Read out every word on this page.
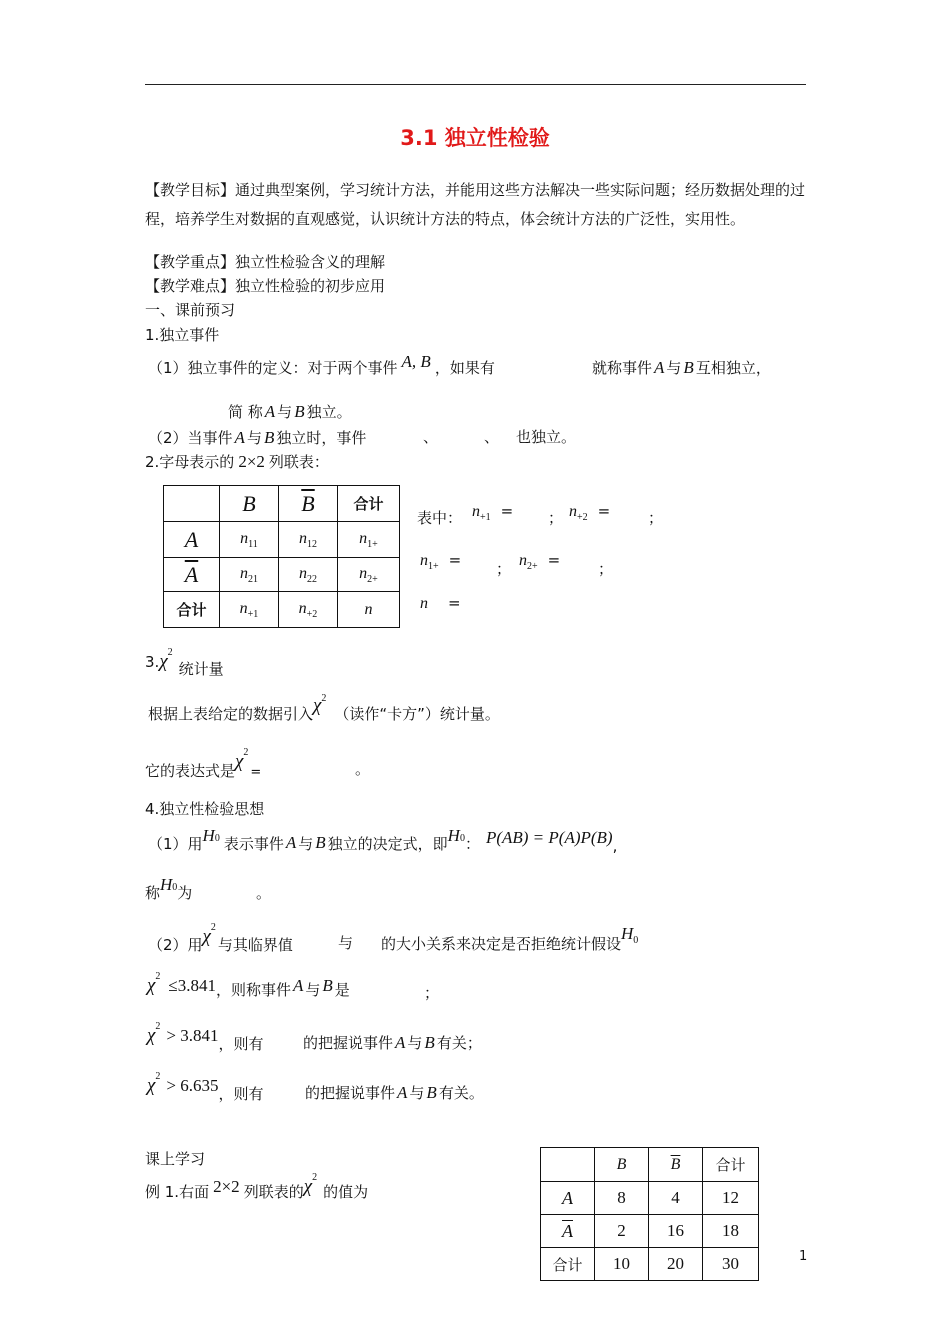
3.1 独立性检验
【教学目标】通过典型案例，学习统计方法，并能用这些方法解决一些实际问题；经历数据处理的过程，培养学生对数据的直观感觉，认识统计方法的特点，体会统计方法的广泛性，实用性。
【教学重点】独立性检验含义的理解
【教学难点】独立性检验的初步应用
一、课前预习
1.独立事件
（1）独立事件的定义：对于两个事件 A, B ，如果有	就称事件 A 与 B 互相独立，
简 称 A 与 B 独立。
（2）当事件 A 与 B 独立时，事件	、	、 也独立。
2.字母表示的 2×2 列联表：
	B	$\overline{B}$	合计
A	$n_{11}$	$n_{12}$	$n_{1+}$
$\overline{A}$	$n_{21}$	$n_{22}$	$n_{2+}$
合计	$n_{+1}$	$n_{+2}$	n
表中： $n_{+1}$ = ； $n_{+2}$ =	；
$n_{1+}$ = ； $n_{2+}$ =	；
n =
$3.\chi^2$统计量
根据上表给定的数据引入$\chi^2$（读作“卡方”）统计量。
它的表达式是$\chi^2=$	。
4.独立性检验思想
（1）用$H_0$ 表示事件 A 与 B 独立的决定式，即$H_0$： P(AB) = P(A)P(B),
称$H_0$为	。
（2）用$\chi^2$与其临界值	与 的大小关系来决定是否拒绝统计假设$H_0$
$\chi^2 \le 3.841$，则称事件 A 与 B 是	；
$\chi^2 > 3.841$，则有	的把握说事件 A 与 B 有关；
$\chi^2 > 6.635$，则有	的把握说事件 A 与 B 有关。
课上学习
例 1.右面 2×2 列联表的$\chi^2$的值为
	B	$\overline{B}$	合计
A	8	4	12
$\overline{A}$	2	16	18
合计	10	20	30	1
